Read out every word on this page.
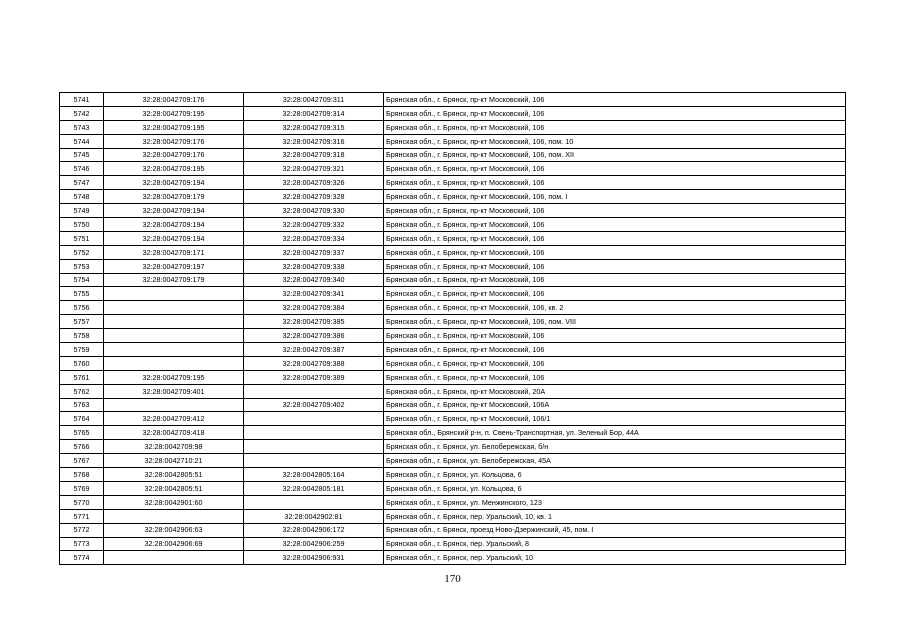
5741	32:28:0042709:176	32:28:0042709:311	Брянская обл., г. Брянск, пр-кт Московский, 106
5742	32:28:0042709:195	32:28:0042709:314	Брянская обл., г. Брянск, пр-кт Московский, 106
5743	32:28:0042709:195	32:28:0042709:315	Брянская обл., г. Брянск, пр-кт Московский, 106
5744	32:28:0042709:176	32:28:0042709:316	Брянская обл., г. Брянск, пр-кт Московский, 106, пом. 10
5745	32:28:0042709:176	32:28:0042709:318	Брянская обл., г. Брянск, пр-кт Московский, 106, пом. XII
5746	32:28:0042709:195	32:28:0042709:321	Брянская обл., г. Брянск, пр-кт Московский, 106
5747	32:28:0042709:194	32:28:0042709:326	Брянская обл., г. Брянск, пр-кт Московский, 106
5748	32:28:0042709:179	32:28:0042709:328	Брянская обл., г. Брянск, пр-кт Московский, 106, пом. I
5749	32:28:0042709:194	32:28:0042709:330	Брянская обл., г. Брянск, пр-кт Московский, 106
5750	32:28:0042709:194	32:28:0042709:332	Брянская обл., г. Брянск, пр-кт Московский, 106
5751	32:28:0042709:194	32:28:0042709:334	Брянская обл., г. Брянск, пр-кт Московский, 106
5752	32:28:0042709:171	32:28:0042709:337	Брянская обл., г. Брянск, пр-кт Московский, 106
5753	32:28:0042709:197	32:28:0042709:338	Брянская обл., г. Брянск, пр-кт Московский, 106
5754	32:28:0042709:179	32:28:0042709:340	Брянская обл., г. Брянск, пр-кт Московский, 106
5755		32:28:0042709:341	Брянская обл., г. Брянск, пр-кт Московский, 106
5756		32:28:0042709:384	Брянская обл., г. Брянск, пр-кт Московский, 106, кв. 2
5757		32:28:0042709:385	Брянская обл., г. Брянск, пр-кт Московский, 106, пом. VIII
5758		32:28:0042709:386	Брянская обл., г. Брянск, пр-кт Московский, 106
5759		32:28:0042709:387	Брянская обл., г. Брянск, пр-кт Московский, 106
5760		32:28:0042709:388	Брянская обл., г. Брянск, пр-кт Московский, 106
5761	32:28:0042709:195	32:28:0042709:389	Брянская обл., г. Брянск, пр-кт Московский, 106
5762	32:28:0042709:401		Брянская обл., г. Брянск, пр-кт Московский, 20А
5763		32:28:0042709:402	Брянская обл., г. Брянск, пр-кт Московский, 106А
5764	32:28:0042709:412		Брянская обл., г. Брянск, пр-кт Московский, 106/1
5765	32:28:0042709:418		Брянская обл., Брянский р-н, п. Свень-Транспортная, ул. Зеленый Бор, 44А
5766	32:28:0042709:98		Брянская обл., г. Брянск, ул. Белобережская, б/н
5767	32:28:0042710:21		Брянская обл., г. Брянск, ул. Белобережская, 45А
5768	32:28:0042805:51	32:28:0042805:164	Брянская обл., г. Брянск, ул. Кольцова, 6
5769	32:28:0042805:51	32:28:0042805:181	Брянская обл., г. Брянск, ул. Кольцова, 6
5770	32:28:0042901:60		Брянская обл., г. Брянск, ул. Менжинского, 123
5771		32:28:0042902:81	Брянская обл., г. Брянск, пер. Уральский, 10, кв. 1
5772	32:28:0042906:63	32:28:0042906:172	Брянская обл., г. Брянск, проезд Ново-Дзержинский, 45, пом. I
5773	32:28:0042906:69	32:28:0042906:259	Брянская обл., г. Брянск, пер. Уральский, 8
5774		32:28:0042906:931	Брянская обл., г. Брянск, пер. Уральский, 10
170
